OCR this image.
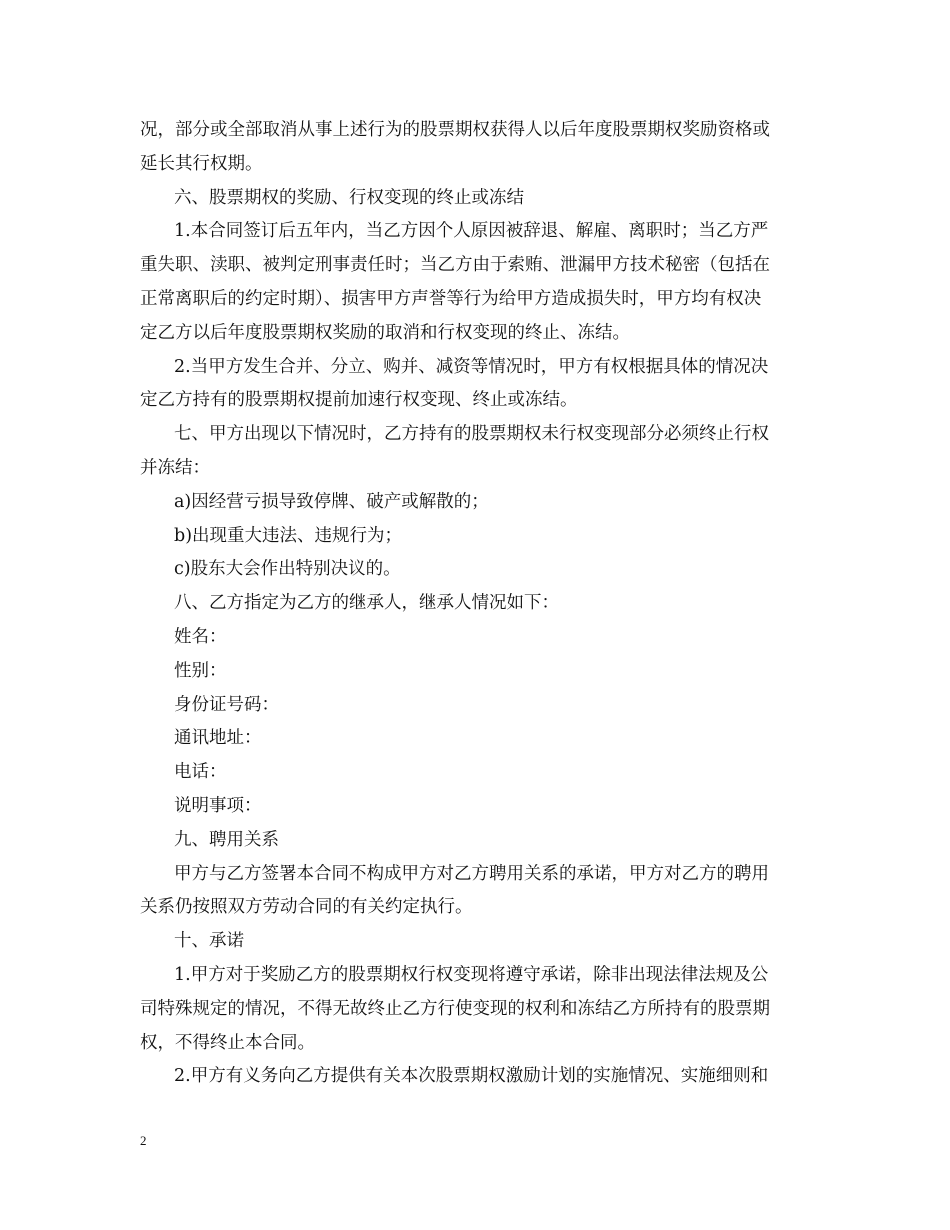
况，部分或全部取消从事上述行为的股票期权获得人以后年度股票期权奖励资格或
延长其行权期。
六、股票期权的奖励、行权变现的终止或冻结
1.本合同签订后五年内，当乙方因个人原因被辞退、解雇、离职时；当乙方严
重失职、渎职、被判定刑事责任时；当乙方由于索贿、泄漏甲方技术秘密（包括在
正常离职后的约定时期）、损害甲方声誉等行为给甲方造成损失时，甲方均有权决
定乙方以后年度股票期权奖励的取消和行权变现的终止、冻结。
2.当甲方发生合并、分立、购并、减资等情况时，甲方有权根据具体的情况决
定乙方持有的股票期权提前加速行权变现、终止或冻结。
七、甲方出现以下情况时，乙方持有的股票期权未行权变现部分必须终止行权
并冻结：
a)因经营亏损导致停牌、破产或解散的；
b)出现重大违法、违规行为；
c)股东大会作出特别决议的。
八、乙方指定为乙方的继承人，继承人情况如下：
姓名：
性别：
身份证号码：
通讯地址：
电话：
说明事项：
九、聘用关系
甲方与乙方签署本合同不构成甲方对乙方聘用关系的承诺，甲方对乙方的聘用
关系仍按照双方劳动合同的有关约定执行。
十、承诺
1.甲方对于奖励乙方的股票期权行权变现将遵守承诺，除非出现法律法规及公
司特殊规定的情况，不得无故终止乙方行使变现的权利和冻结乙方所持有的股票期
权，不得终止本合同。
2.甲方有义务向乙方提供有关本次股票期权激励计划的实施情况、实施细则和
2
